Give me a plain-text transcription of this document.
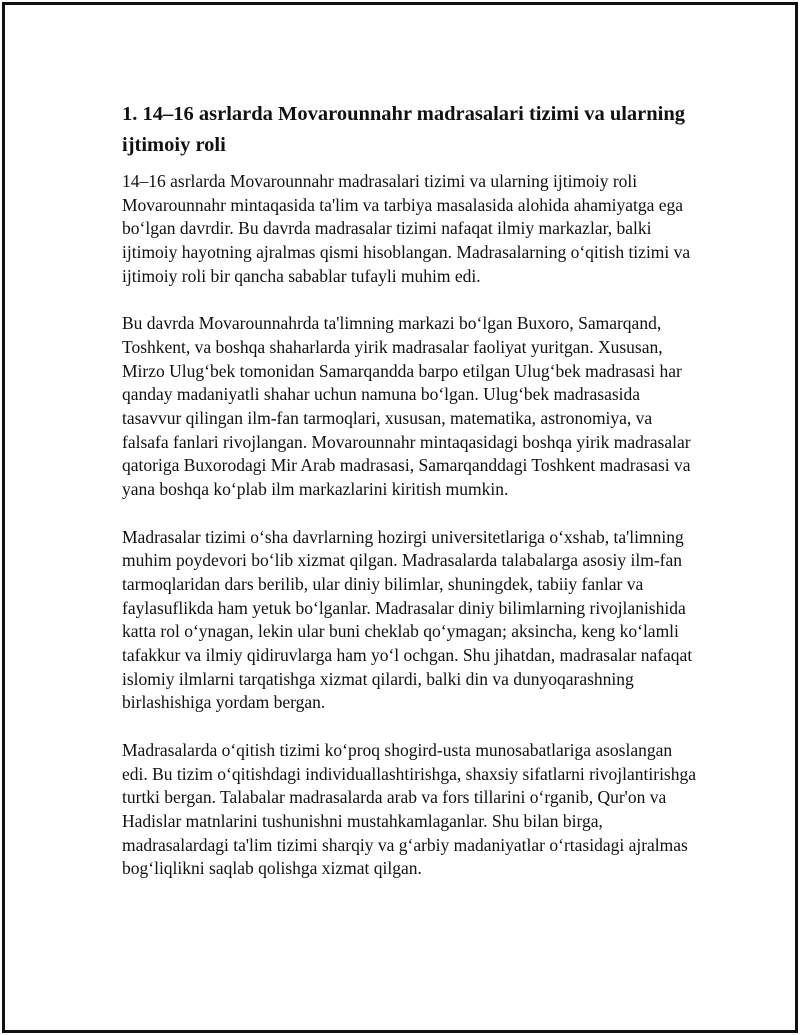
1. 14–16 asrlarda Movarounnahr madrasalari tizimi va ularning ijtimoiy roli

14–16 asrlarda Movarounnahr madrasalari tizimi va ularning ijtimoiy roli Movarounnahr mintaqasida ta'lim va tarbiya masalasida alohida ahamiyatga ega bo‘lgan davrdir. Bu davrda madrasalar tizimi nafaqat ilmiy markazlar, balki ijtimoiy hayotning ajralmas qismi hisoblangan. Madrasalarning o‘qitish tizimi va ijtimoiy roli bir qancha sabablar tufayli muhim edi.

Bu davrda Movarounnahrda ta'limning markazi bo‘lgan Buxoro, Samarqand, Toshkent, va boshqa shaharlarda yirik madrasalar faoliyat yuritgan. Xususan, Mirzo Ulug‘bek tomonidan Samarqandda barpo etilgan Ulug‘bek madrasasi har qanday madaniyatli shahar uchun namuna bo‘lgan. Ulug‘bek madrasasida tasavvur qilingan ilm-fan tarmoqlari, xususan, matematika, astronomiya, va falsafa fanlari rivojlangan. Movarounnahr mintaqasidagi boshqa yirik madrasalar qatoriga Buxorodagi Mir Arab madrasasi, Samarqanddagi Toshkent madrasasi va yana boshqa ko‘plab ilm markazlarini kiritish mumkin.

Madrasalar tizimi o‘sha davrlarning hozirgi universitetlariga o‘xshab, ta'limning muhim poydevori bo‘lib xizmat qilgan. Madrasalarda talabalarga asosiy ilm-fan tarmoqlaridan dars berilib, ular diniy bilimlar, shuningdek, tabiiy fanlar va faylasuflikda ham yetuk bo‘lganlar. Madrasalar diniy bilimlarning rivojlanishida katta rol o‘ynagan, lekin ular buni cheklab qo‘ymagan; aksincha, keng ko‘lamli tafakkur va ilmiy qidiruvlarga ham yo‘l ochgan. Shu jihatdan, madrasalar nafaqat islomiy ilmlarni tarqatishga xizmat qilardi, balki din va dunyoqarashning birlashishiga yordam bergan.

Madrasalarda o‘qitish tizimi ko‘proq shogird-usta munosabatlariga asoslangan edi. Bu tizim o‘qitishdagi individuallashtirishga, shaxsiy sifatlarni rivojlantirishga turtki bergan. Talabalar madrasalarda arab va fors tillarini o‘rganib, Qur'on va Hadislar matnlarini tushunishni mustahkamlaganlar. Shu bilan birga, madrasalardagi ta'lim tizimi sharqiy va g‘arbiy madaniyatlar o‘rtasidagi ajralmas bog‘liqlikni saqlab qolishga xizmat qilgan.
